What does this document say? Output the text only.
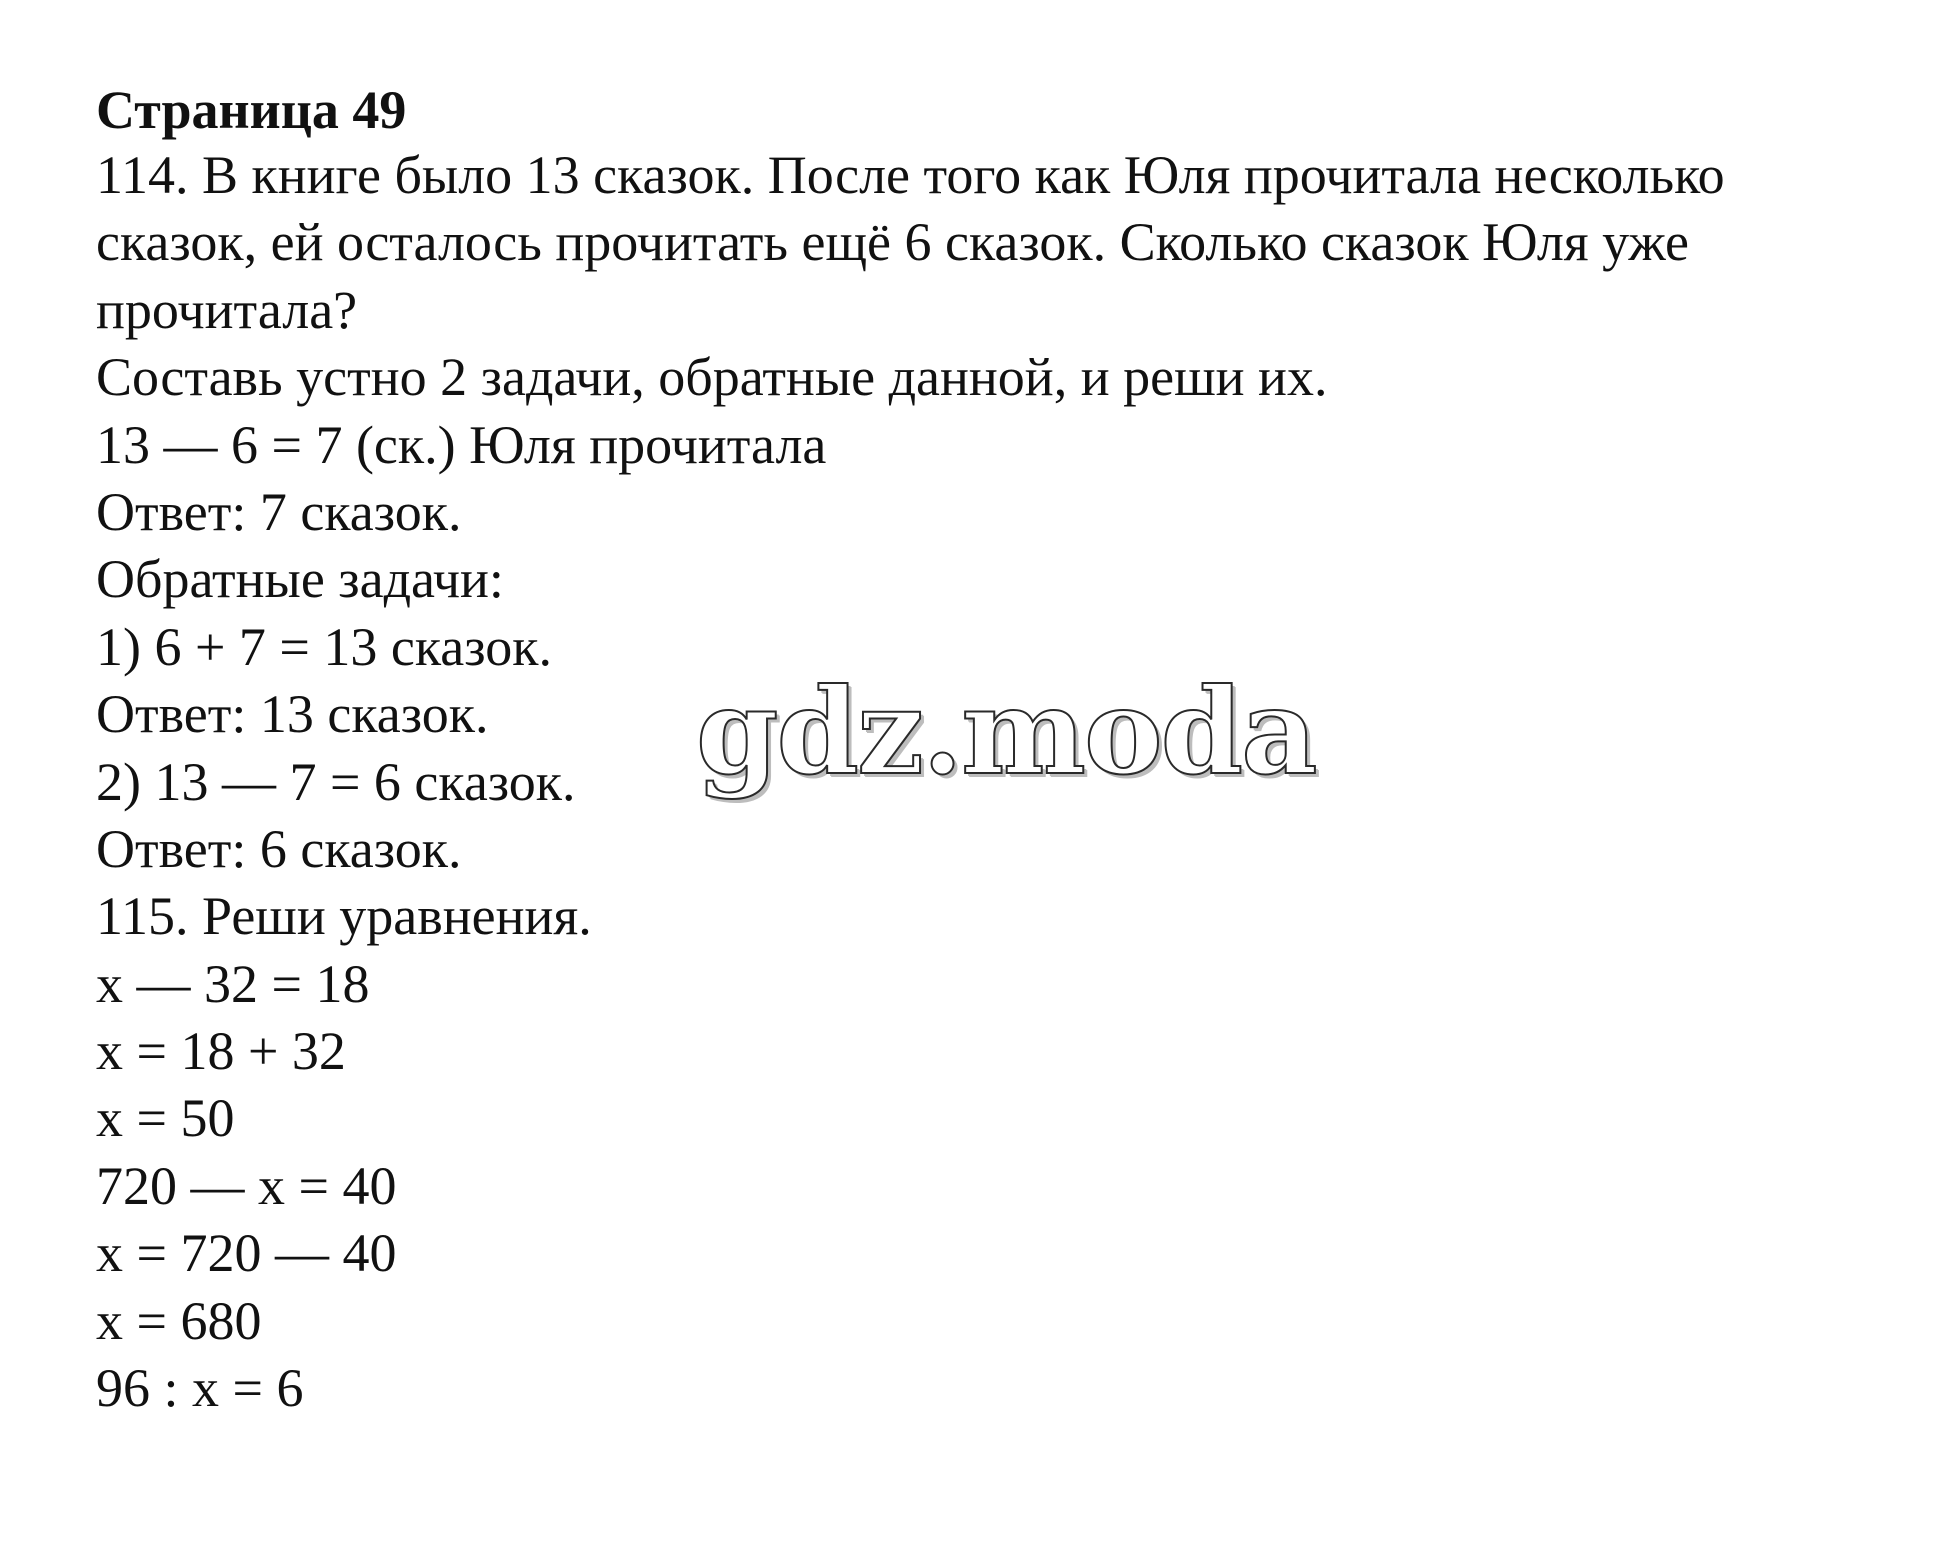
Страница 49
114. В книге было 13 сказок. После того как Юля прочитала несколько
сказок, ей осталось прочитать ещё 6 сказок. Сколько сказок Юля уже
прочитала?
Составь устно 2 задачи, обратные данной, и реши их.
13 — 6 = 7 (ск.) Юля прочитала
Ответ: 7 сказок.
Обратные задачи:
1) 6 + 7 = 13 сказок.
Ответ: 13 сказок.
2) 13 — 7 = 6 сказок.
Ответ: 6 сказок.
115. Реши уравнения.
x — 32 = 18
x = 18 + 32
x = 50
720 — x = 40
x = 720 — 40
x = 680
96 : x = 6
gdz.moda
